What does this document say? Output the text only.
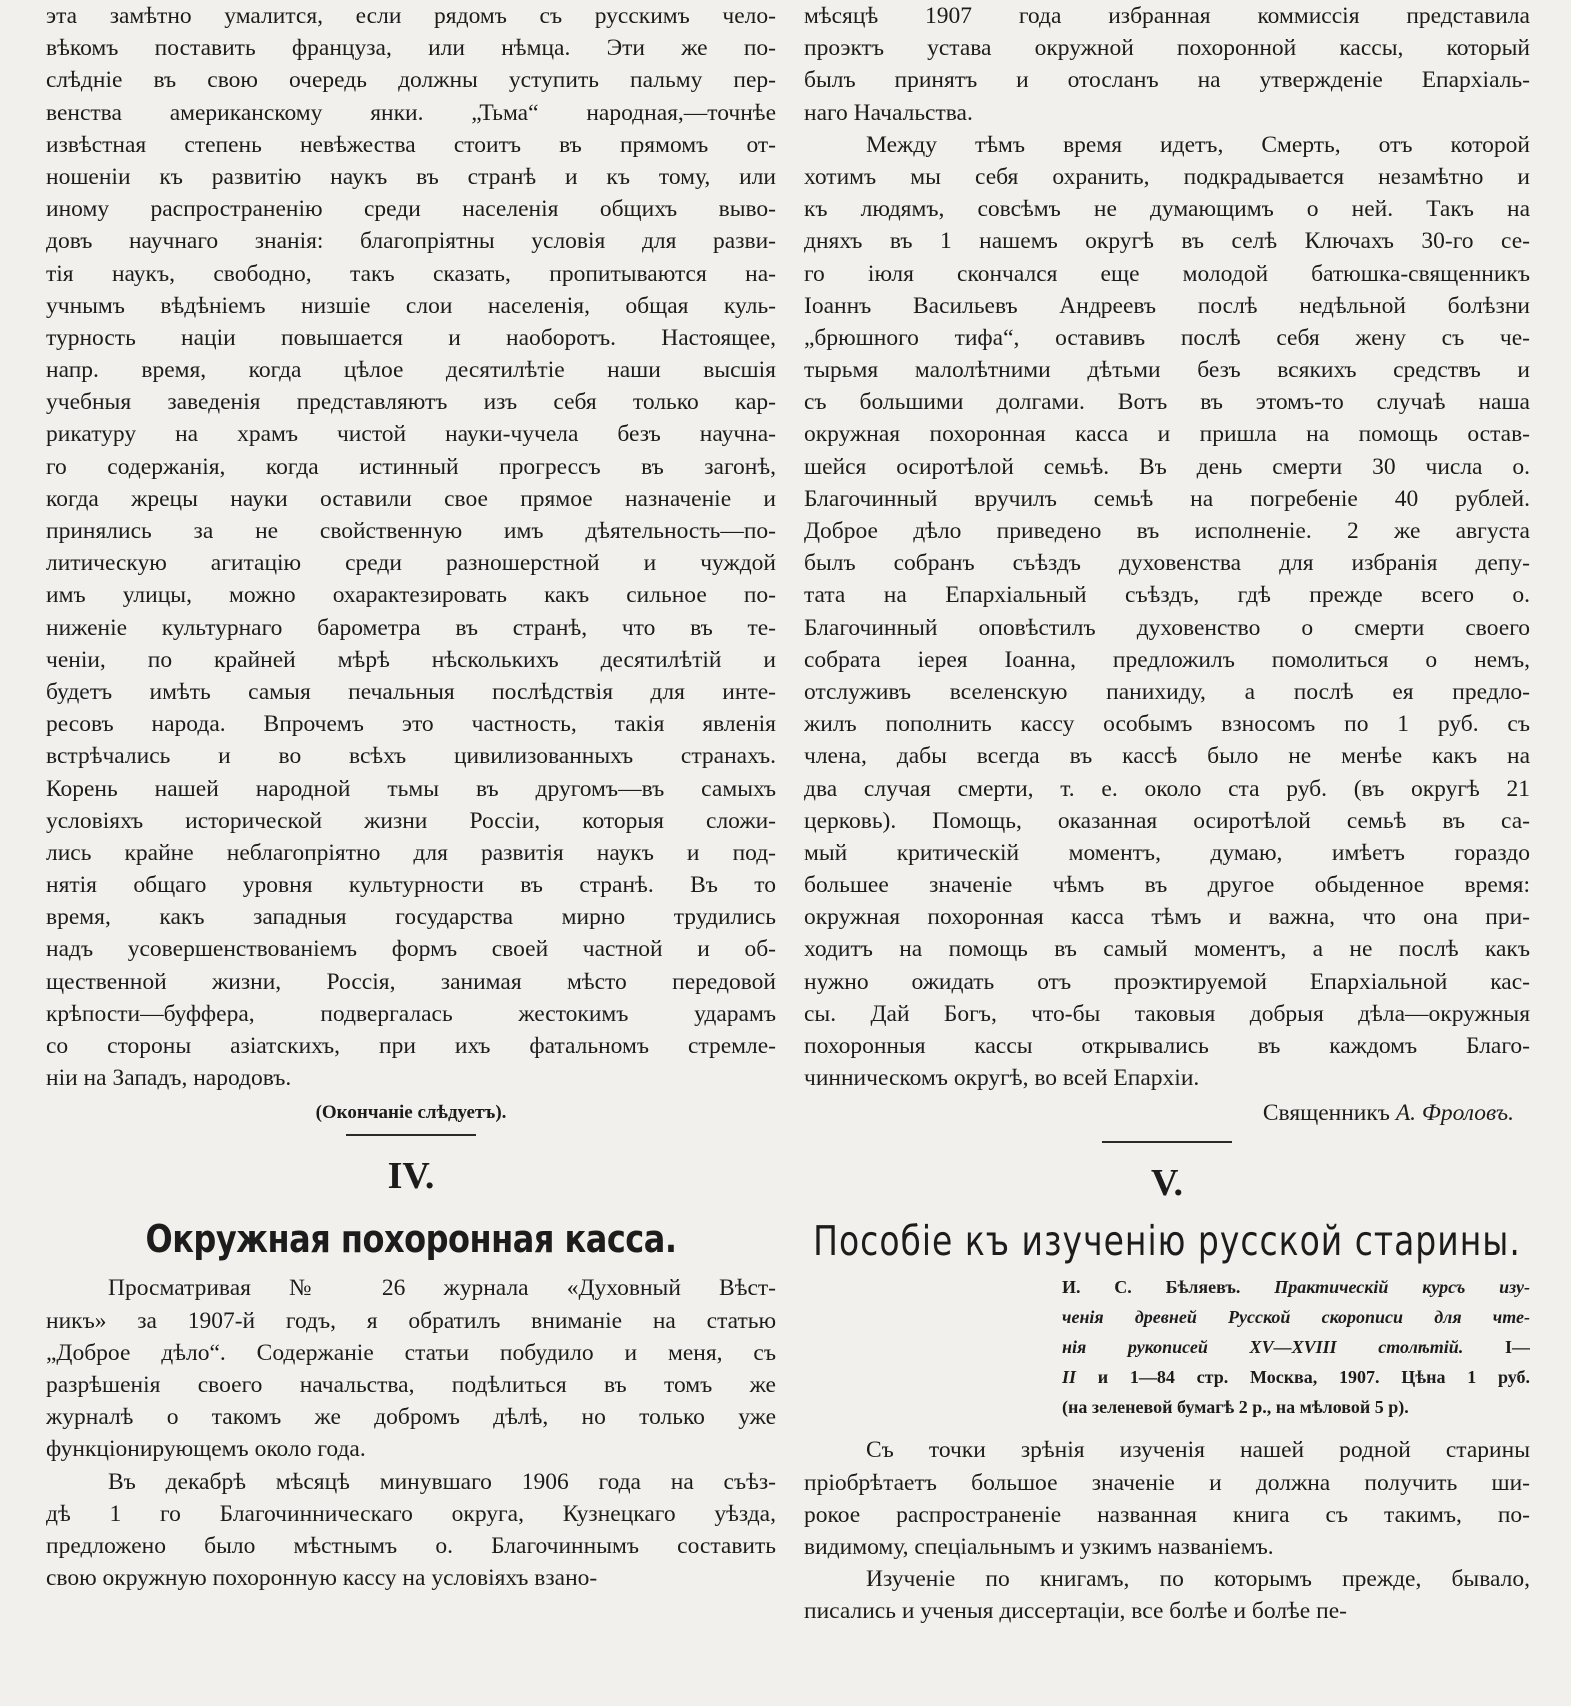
эта замѣтно умалится, если рядомъ съ русскимъ чело-
вѣкомъ поставить француза, или нѣмца. Эти же по-
слѣдніе въ свою очередь должны уступить пальму пер-
венства американскому янки. „Тьма“ народная,—точнѣе
извѣстная степень невѣжества стоитъ въ прямомъ от-
ношеніи къ развитію наукъ въ странѣ и къ тому, или
иному распространенію среди населенія общихъ выво-
довъ научнаго знанія: благопріятны условія для разви-
тія наукъ, свободно, такъ сказать, пропитываются на-
учнымъ вѣдѣніемъ низшіе слои населенія, общая куль-
турность націи повышается и наоборотъ. Настоящее,
напр. время, когда цѣлое десятилѣтіе наши высшія
учебныя заведенія представляютъ изъ себя только кар-
рикатуру на храмъ чистой науки-чучела безъ научна-
го содержанія, когда истинный прогрессъ въ загонѣ,
когда жрецы науки оставили свое прямое назначеніе и
принялись за не свойственную имъ дѣятельность—по-
литическую агитацію среди разношерстной и чуждой
имъ улицы, можно охарактезировать какъ сильное по-
ниженіе культурнаго барометра въ странѣ, что въ те-
ченіи, по крайней мѣрѣ нѣсколькихъ десятилѣтій и
будетъ имѣть самыя печальныя послѣдствія для инте-
ресовъ народа. Впрочемъ это частность, такія явленія
встрѣчались и во всѣхъ цивилизованныхъ странахъ.
Корень нашей народной тьмы въ другомъ—въ самыхъ
условіяхъ исторической жизни Россіи, которыя сложи-
лись крайне неблагопріятно для развитія наукъ и под-
нятія общаго уровня культурности въ странѣ. Въ то
время, какъ западныя государства мирно трудились
надъ усовершенствованіемъ формъ своей частной и об-
щественной жизни, Россія, занимая мѣсто передовой
крѣпости—буффера, подвергалась жестокимъ ударамъ
со стороны азіатскихъ, при ихъ фатальномъ стремле-
ніи на Западъ, народовъ.
(Окончаніе слѣдуетъ).
IV.
Окружная похоронная касса.
Просматривая № 26 журнала «Духовный Вѣст-
никъ» за 1907-й годъ, я обратилъ вниманіе на статью
„Доброе дѣло“. Содержаніе статьи побудило и меня, съ
разрѣшенія своего начальства, подѣлиться въ томъ же
журналѣ о такомъ же добромъ дѣлѣ, но только уже
функціонирующемъ около года.
Въ декабрѣ мѣсяцѣ минувшаго 1906 года на съѣз-
дѣ 1 го Благочинническаго округа, Кузнецкаго уѣзда,
предложено было мѣстнымъ о. Благочиннымъ составить
свою окружную похоронную кассу на условіяхъ взано-
мѣсяцѣ 1907 года избранная коммиссія представила
проэктъ устава окружной похоронной кассы, который
былъ принятъ и отосланъ на утвержденіе Епархіаль-
наго Начальства.
Между тѣмъ время идетъ, Смерть, отъ которой
хотимъ мы себя охранить, подкрадывается незамѣтно и
къ людямъ, совсѣмъ не думающимъ о ней. Такъ на
дняхъ въ 1 нашемъ округѣ въ селѣ Ключахъ 30-го се-
го іюля скончался еще молодой батюшка-священникъ
Іоаннъ Васильевъ Андреевъ послѣ недѣльной болѣзни
„брюшного тифа“, оставивъ послѣ себя жену съ че-
тырьмя малолѣтними дѣтьми безъ всякихъ средствъ и
съ большими долгами. Вотъ въ этомъ-то случаѣ наша
окружная похоронная касса и пришла на помощь остав-
шейся осиротѣлой семьѣ. Въ день смерти 30 числа о.
Благочинный вручилъ семьѣ на погребеніе 40 рублей.
Доброе дѣло приведено въ исполненіе. 2 же августа
былъ собранъ съѣздъ духовенства для избранія депу-
тата на Епархіальный съѣздъ, гдѣ прежде всего о.
Благочинный оповѣстилъ духовенство о смерти своего
собрата іерея Іоанна, предложилъ помолиться о немъ,
отслуживъ вселенскую панихиду, а послѣ ея предло-
жилъ пополнить кассу особымъ взносомъ по 1 руб. съ
члена, дабы всегда въ кассѣ было не менѣе какъ на
два случая смерти, т. е. около ста руб. (въ округѣ 21
церковь). Помощь, оказанная осиротѣлой семьѣ въ са-
мый критическій моментъ, думаю, имѣетъ гораздо
большее значеніе чѣмъ въ другое обыденное время:
окружная похоронная касса тѣмъ и важна, что она при-
ходитъ на помощь въ самый моментъ, а не послѣ какъ
нужно ожидать отъ проэктируемой Епархіальной кас-
сы. Дай Богъ, что-бы таковыя добрыя дѣла—окружныя
похоронныя кассы открывались въ каждомъ Благо-
чинническомъ округѣ, во всей Епархіи.
Священникъ А. Фроловъ.
V.
Пособіе къ изученію русской старины.
И. С. Бѣляевъ. Практическій курсъ изу-
ченія древней Русской скорописи для чте-
нія рукописей XV—XVIII столѣтій. I—
II и 1—84 стр. Москва, 1907. Цѣна 1 руб.
(на зеленевой бумагѣ 2 р., на мѣловой 5 р).
Съ точки зрѣнія изученія нашей родной старины
пріобрѣтаетъ большое значеніе и должна получить ши-
рокое распространеніе названная книга съ такимъ, по-
видимому, спеціальнымъ и узкимъ названіемъ.
Изученіе по книгамъ, по которымъ прежде, бывало,
писались и ученыя диссертаціи, все болѣе и болѣе пе-
